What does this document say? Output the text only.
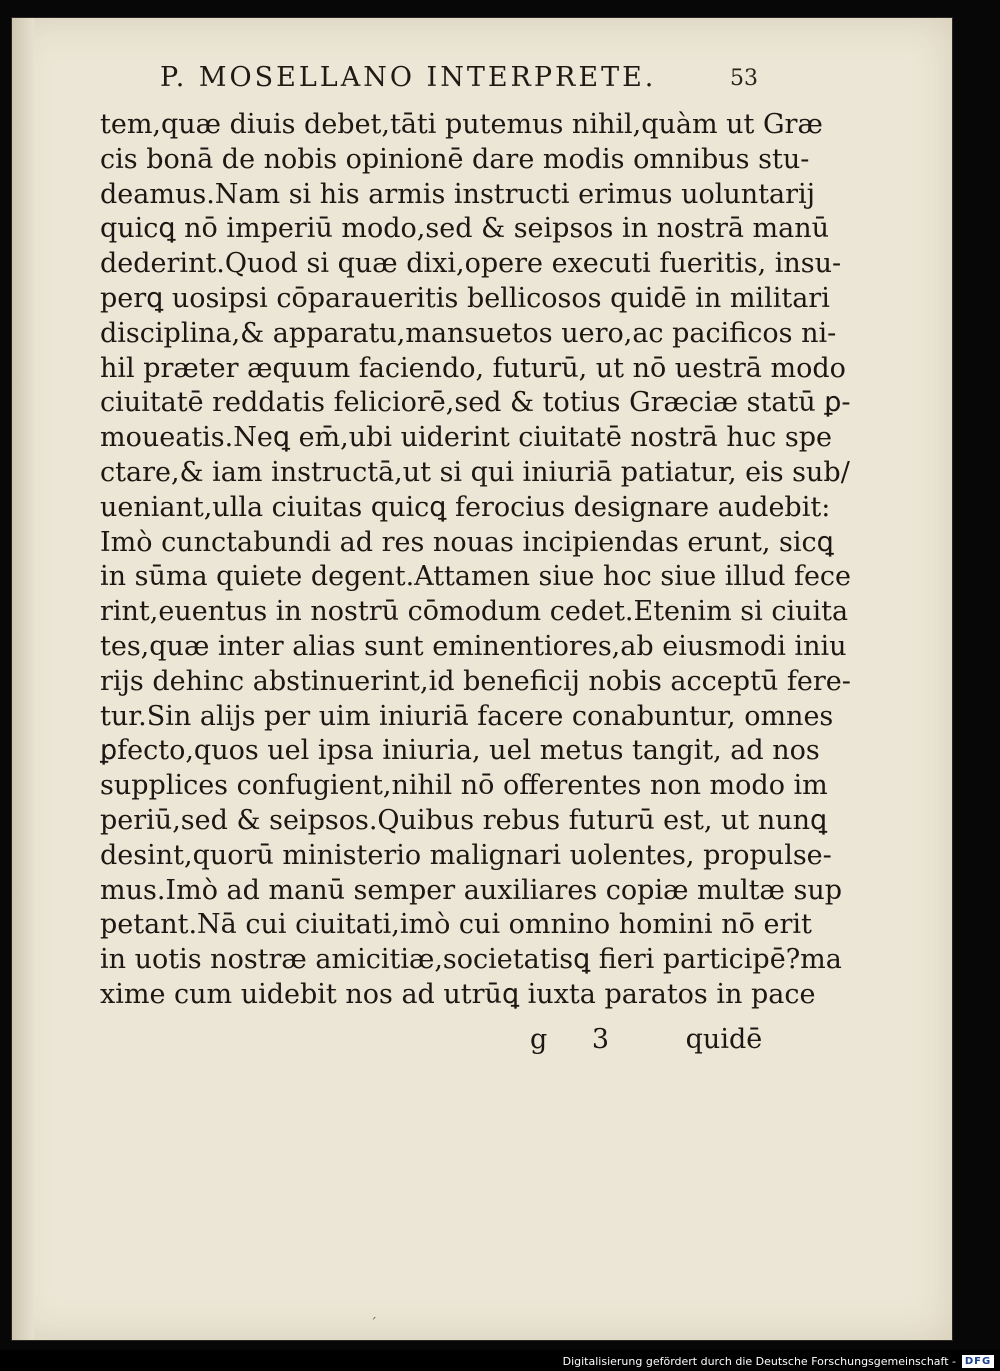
P. MOSELLANO INTERPRETE.	53
tem,quæ diuis debet,tāti putemus nihil,quàm ut Græ
cis bonā de nobis opinionē dare modis omnibus stu-
deamus.Nam si his armis instructi erimus uoluntarij
quicꝗ nō imperiū modo,sed & seipsos in nostrā manū
dederint.Quod si quæ dixi,opere executi fueritis, insu-
perꝗ uosipsi cōparaueritis bellicosos quidē in militari
disciplina,& apparatu,mansuetos uero,ac pacificos ni-
hil præter æquum faciendo, futurū, ut nō uestrā modo
ciuitatē reddatis feliciorē,sed & totius Græciæ statū ꝑ-
moueatis.Neꝗ em̄,ubi uiderint ciuitatē nostrā huc spe
ctare,& iam instructā,ut si qui iniuriā patiatur, eis sub/
ueniant,ulla ciuitas quicꝗ ferocius designare audebit:
Imò cunctabundi ad res nouas incipiendas erunt, sicꝗ
in sūma quiete degent.Attamen siue hoc siue illud fece
rint,euentus in nostrū cōmodum cedet.Etenim si ciuita
tes,quæ inter alias sunt eminentiores,ab eiusmodi iniu
rijs dehinc abstinuerint,id beneficij nobis acceptū fere-
tur.Sin alijs per uim iniuriā facere conabuntur, omnes
ꝑfecto,quos uel ipsa iniuria, uel metus tangit, ad nos
supplices confugient,nihil nō offerentes non modo im
periū,sed & seipsos.Quibus rebus futurū est, ut nunꝗ
desint,quorū ministerio malignari uolentes, propulse-
mus.Imò ad manū semper auxiliares copiæ multæ sup
petant.Nā cui ciuitati,imò cui omnino homini nō erit
in uotis nostræ amicitiæ,societatisꝗ fieri participē?ma
xime cum uidebit nos ad utrūꝗ iuxta paratos in pace
g 3 quidē
ˊ
Digitalisierung gefördert durch die Deutsche Forschungsgemeinschaft - DFG
